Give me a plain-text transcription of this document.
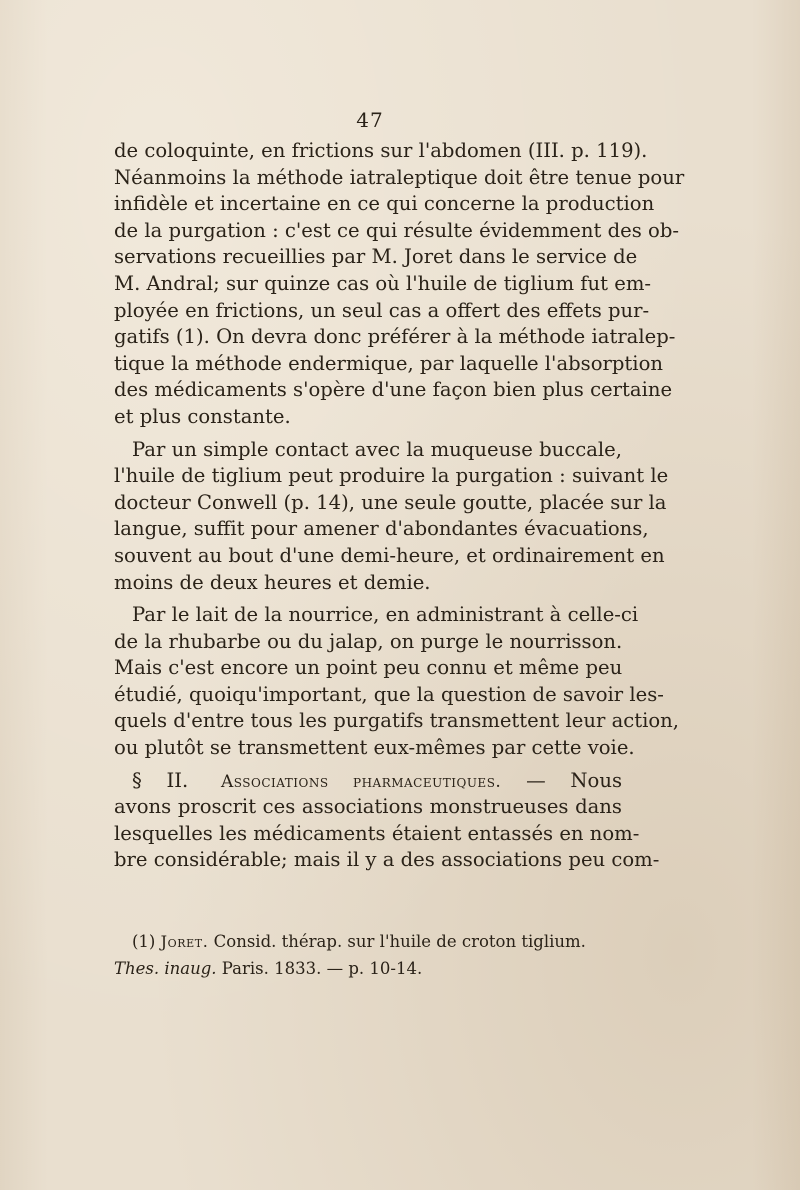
47
de coloquinte, en frictions sur l'abdomen (III. p. 119).
Néanmoins la méthode iatraleptique doit être tenue pour
infidèle et incertaine en ce qui concerne la production
de la purgation : c'est ce qui résulte évidemment des ob-
servations recueillies par M. Joret dans le service de
M. Andral; sur quinze cas où l'huile de tiglium fut em-
ployée en frictions, un seul cas a offert des effets pur-
gatifs (1). On devra donc préférer à la méthode iatralep-
tique la méthode endermique, par laquelle l'absorption
des médicaments s'opère d'une façon bien plus certaine
et plus constante.
Par un simple contact avec la muqueuse buccale,
l'huile de tiglium peut produire la purgation : suivant le
docteur Conwell (p. 14), une seule goutte, placée sur la
langue, suffit pour amener d'abondantes évacuations,
souvent au bout d'une demi-heure, et ordinairement en
moins de deux heures et demie.
Par le lait de la nourrice, en administrant à celle-ci
de la rhubarbe ou du jalap, on purge le nourrisson.
Mais c'est encore un point peu connu et même peu
étudié, quoiqu'important, que la question de savoir les-
quels d'entre tous les purgatifs transmettent leur action,
ou plutôt se transmettent eux-mêmes par cette voie.
§ II. Associations pharmaceutiques. — Nous
avons proscrit ces associations monstrueuses dans
lesquelles les médicaments étaient entassés en nom-
bre considérable; mais il y a des associations peu com-
(1) Joret. Consid. thérap. sur l'huile de croton tiglium.
Thes. inaug. Paris. 1833. — p. 10-14.
